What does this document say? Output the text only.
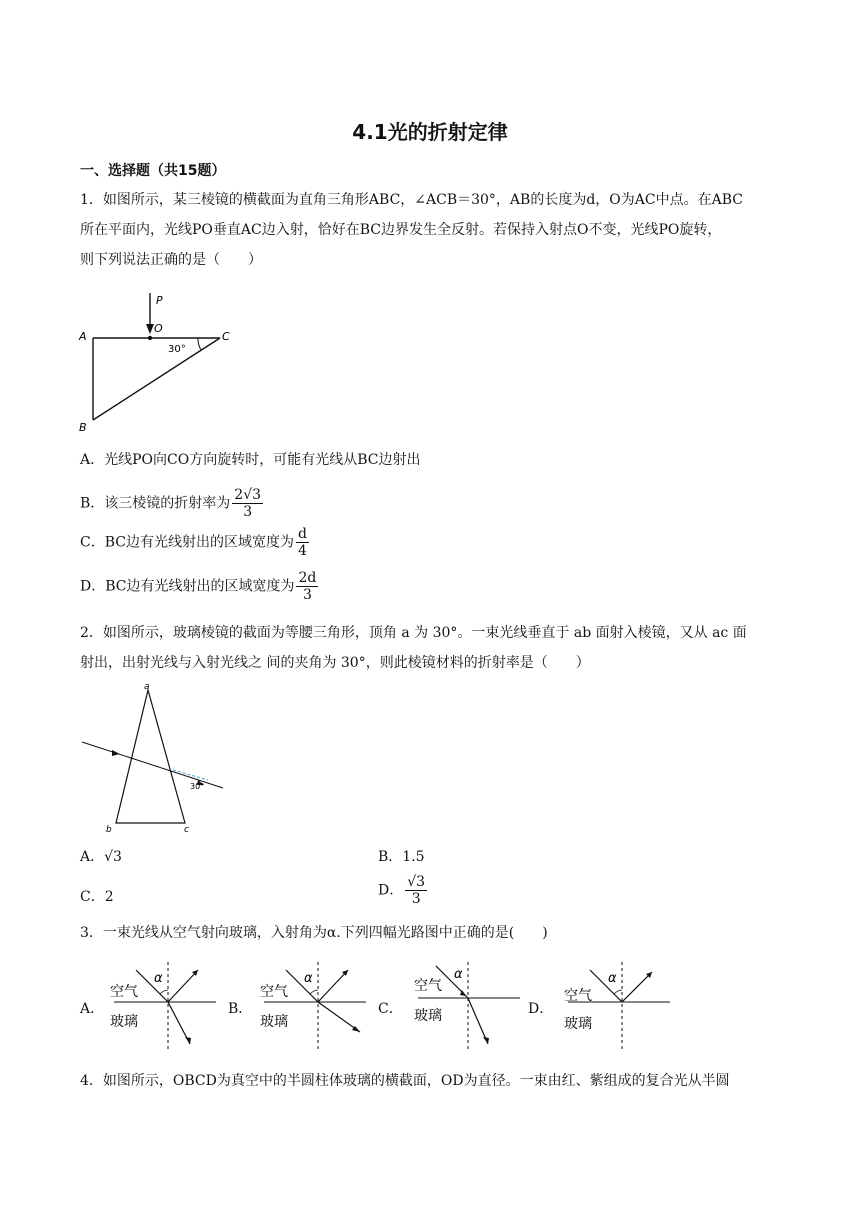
4.1光的折射定律
一、选择题（共15题）
1．如图所示，某三棱镜的横截面为直角三角形ABC，∠ACB＝30°，AB的长度为d，O为AC中点。在ABC
所在平面内，光线PO垂直AC边入射，恰好在BC边界发生全反射。若保持入射点O不变，光线PO旋转，
则下列说法正确的是（　　）
A
B
C
O
P
30°
A．光线PO向CO方向旋转时，可能有光线从BC边射出
B．该三棱镜的折射率为 $\frac{2√3}{3}$
C．BC边有光线射出的区域宽度为 $\frac{d}{4}$
D．BC边有光线射出的区域宽度为 $\frac{2d}{3}$
2．如图所示，玻璃棱镜的截面为等腰三角形，顶角 a 为 30°。一束光线垂直于 ab 面射入棱镜，又从 ac 面
射出，出射光线与入射光线之 间的夹角为 30°，则此棱镜材料的折射率是（　　）
a
b	c
30°
A．√3	B．1.5
C．2	D． $\frac{√3}{3}$
3．一束光线从空气射向玻璃，入射角为α.下列四幅光路图中正确的是(　　)
A．	B．	C．	D．
α
空气
玻璃
α
空气
玻璃
α
空气
玻璃
α
空气
玻璃
4．如图所示，OBCD为真空中的半圆柱体玻璃的横截面，OD为直径。一束由红、紫组成的复合光从半圆
